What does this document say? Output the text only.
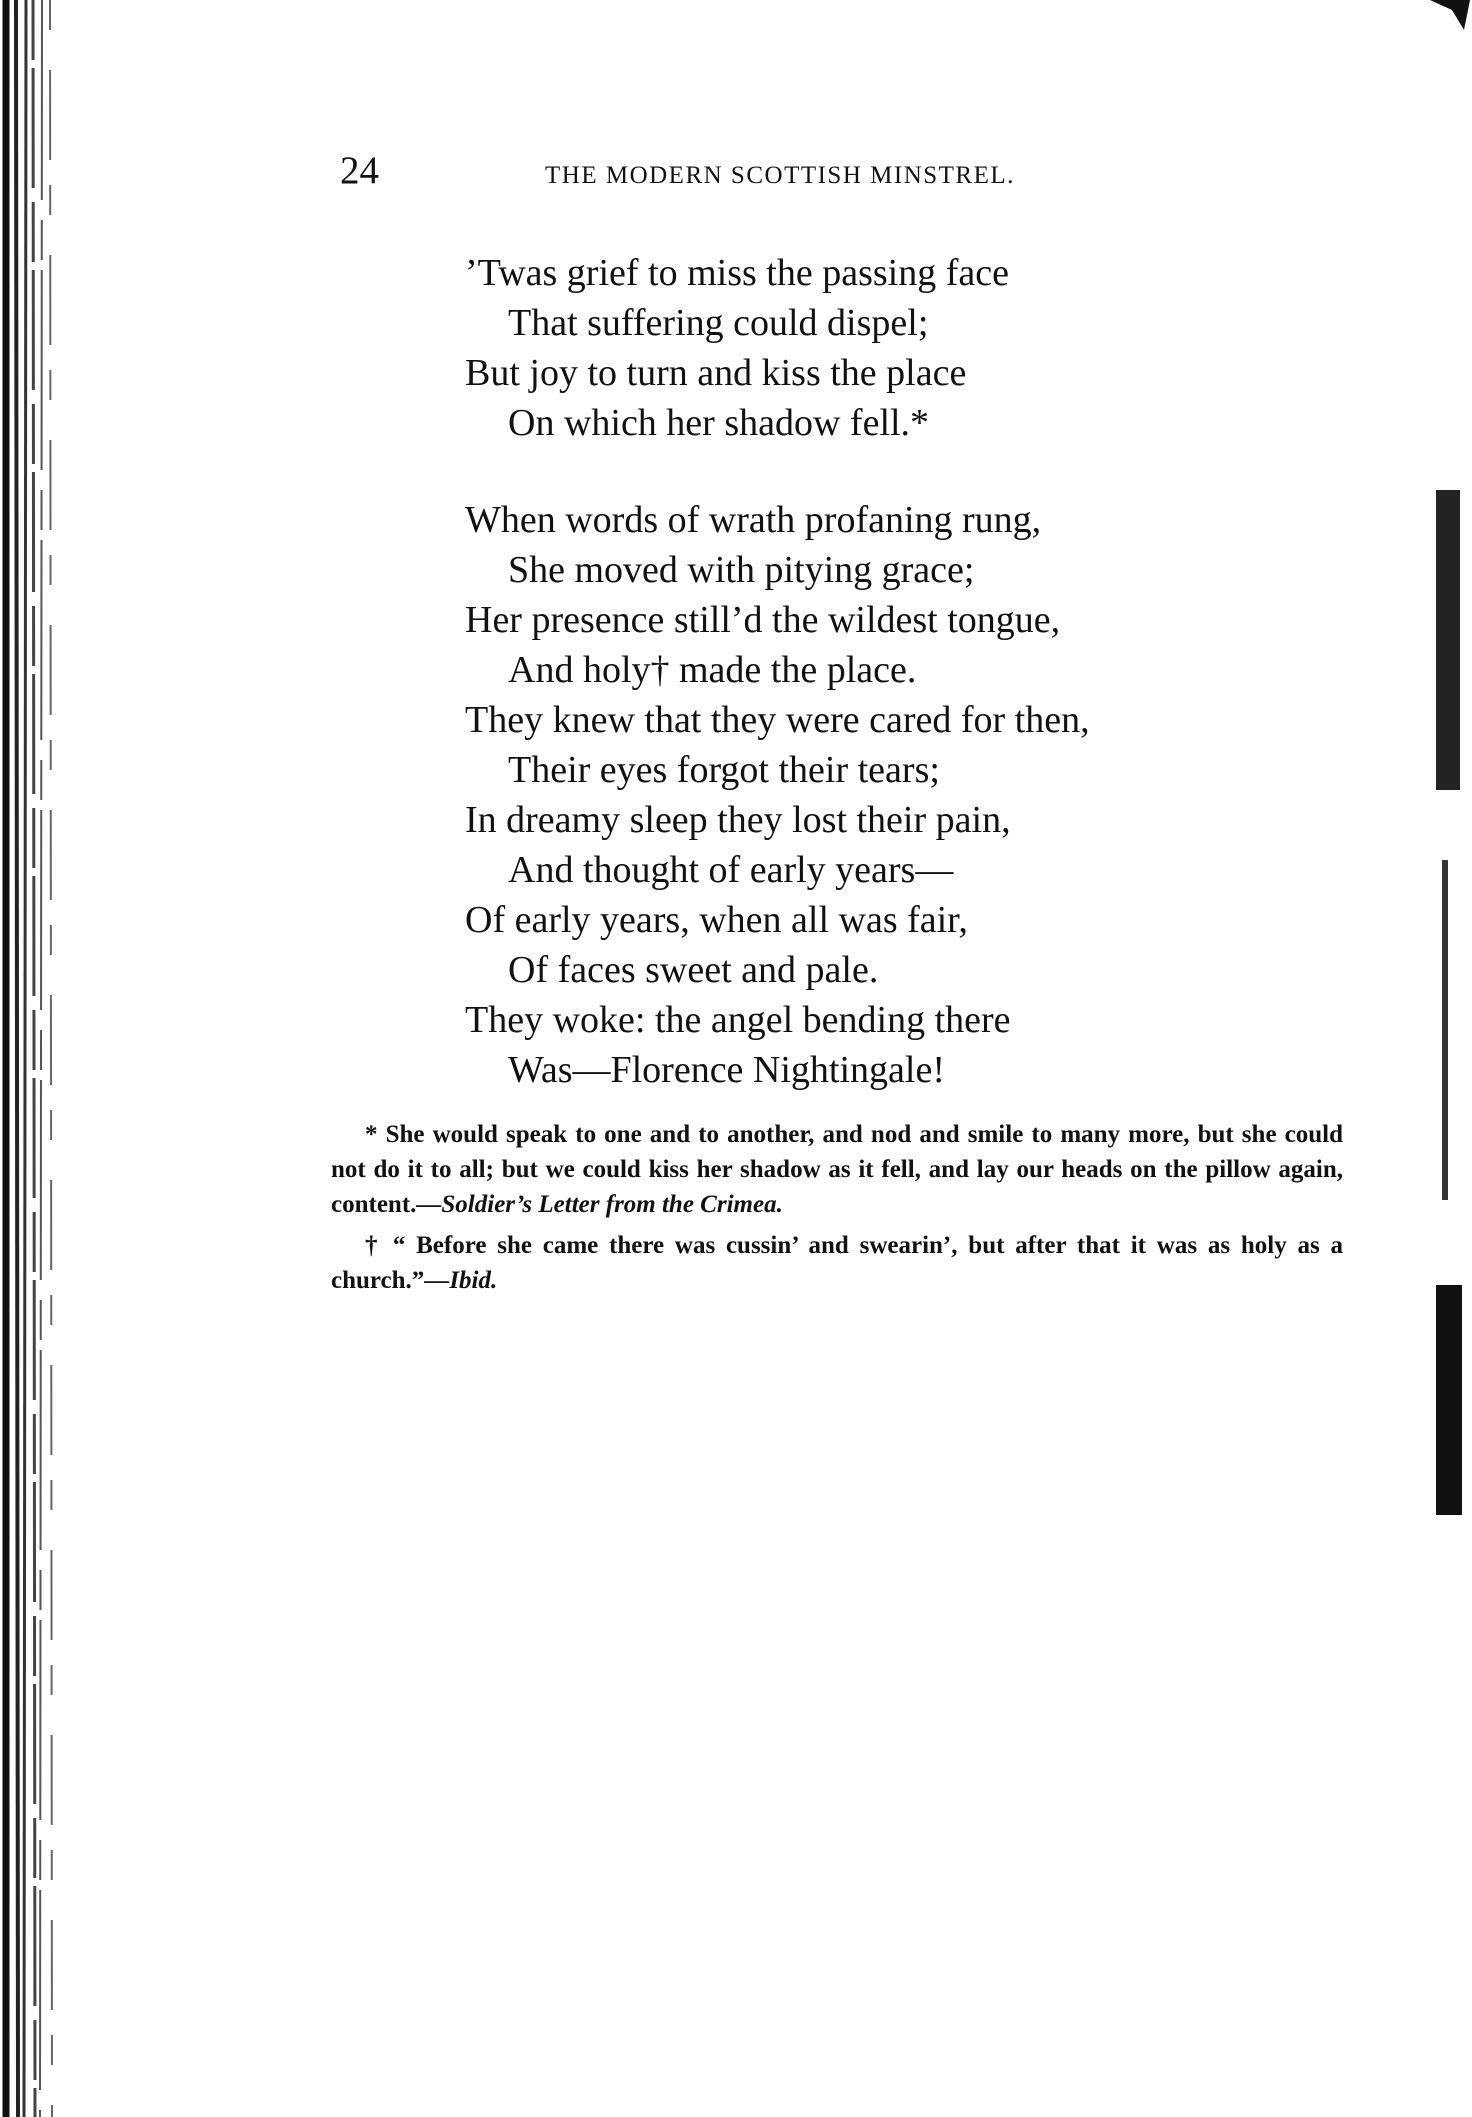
24	THE MODERN SCOTTISH MINSTREL.
’Twas grief to miss the passing face
That suffering could dispel;
But joy to turn and kiss the place
On which her shadow fell.*
When words of wrath profaning rung,
She moved with pitying grace;
Her presence still’d the wildest tongue,
And holy† made the place.
They knew that they were cared for then,
Their eyes forgot their tears;
In dreamy sleep they lost their pain,
And thought of early years—
Of early years, when all was fair,
Of faces sweet and pale.
They woke: the angel bending there
Was—Florence Nightingale!

* She would speak to one and to another, and nod and smile to many more, but she could not do it to all; but we could kiss her shadow as it fell, and lay our heads on the pillow again, content.—Soldier’s Letter from the Crimea.

† “ Before she came there was cussin’ and swearin’, but after that it was as holy as a church.”—Ibid.
